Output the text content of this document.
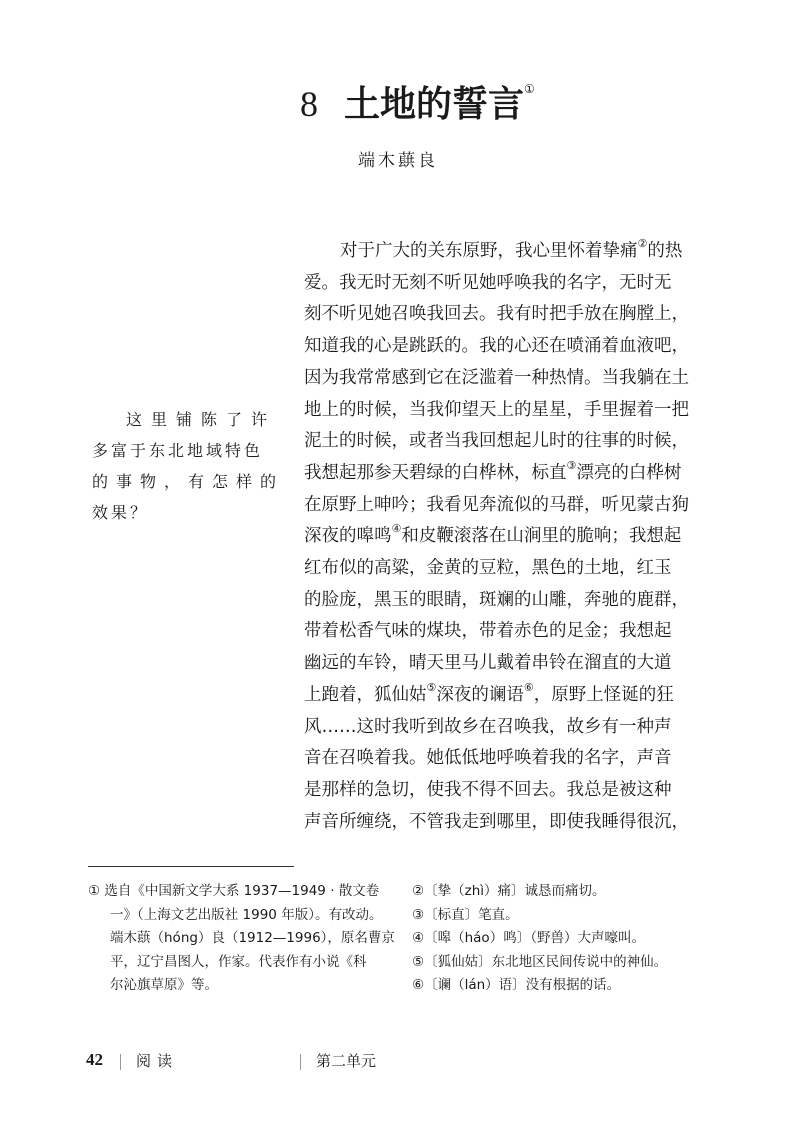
8 土地的誓言①
端木蕻良
这里铺陈了许
多富于东北地域特色
的事物，有怎样的
效果？
对于广大的关东原野，我心里怀着挚痛②的热
爱。我无时无刻不听见她呼唤我的名字，无时无
刻不听见她召唤我回去。我有时把手放在胸膛上，
知道我的心是跳跃的。我的心还在喷涌着血液吧，
因为我常常感到它在泛滥着一种热情。当我躺在土
地上的时候，当我仰望天上的星星，手里握着一把
泥土的时候，或者当我回想起儿时的往事的时候，
我想起那参天碧绿的白桦林，标直③漂亮的白桦树
在原野上呻吟；我看见奔流似的马群，听见蒙古狗
深夜的嗥鸣④和皮鞭滚落在山涧里的脆响；我想起
红布似的高粱，金黄的豆粒，黑色的土地，红玉
的脸庞，黑玉的眼睛，斑斓的山雕，奔驰的鹿群，
带着松香气味的煤块，带着赤色的足金；我想起
幽远的车铃，晴天里马儿戴着串铃在溜直的大道
上跑着，狐仙姑⑤深夜的谰语⑥，原野上怪诞的狂
风……这时我听到故乡在召唤我，故乡有一种声
音在召唤着我。她低低地呼唤着我的名字，声音
是那样的急切，使我不得不回去。我总是被这种
声音所缠绕，不管我走到哪里，即使我睡得很沉，
① 选自《中国新文学大系 1937—1949 · 散文卷
一》（上海文艺出版社 1990 年版）。有改动。
端木蕻（hóng）良（1912—1996），原名曹京
平，辽宁昌图人，作家。代表作有小说《科
尔沁旗草原》等。
②〔挚（zhì）痛〕诚恳而痛切。
③〔标直〕笔直。
④〔嗥（háo）鸣〕（野兽）大声嚎叫。
⑤〔狐仙姑〕东北地区民间传说中的神仙。
⑥〔谰（lán）语〕没有根据的话。
42 阅读	第二单元
